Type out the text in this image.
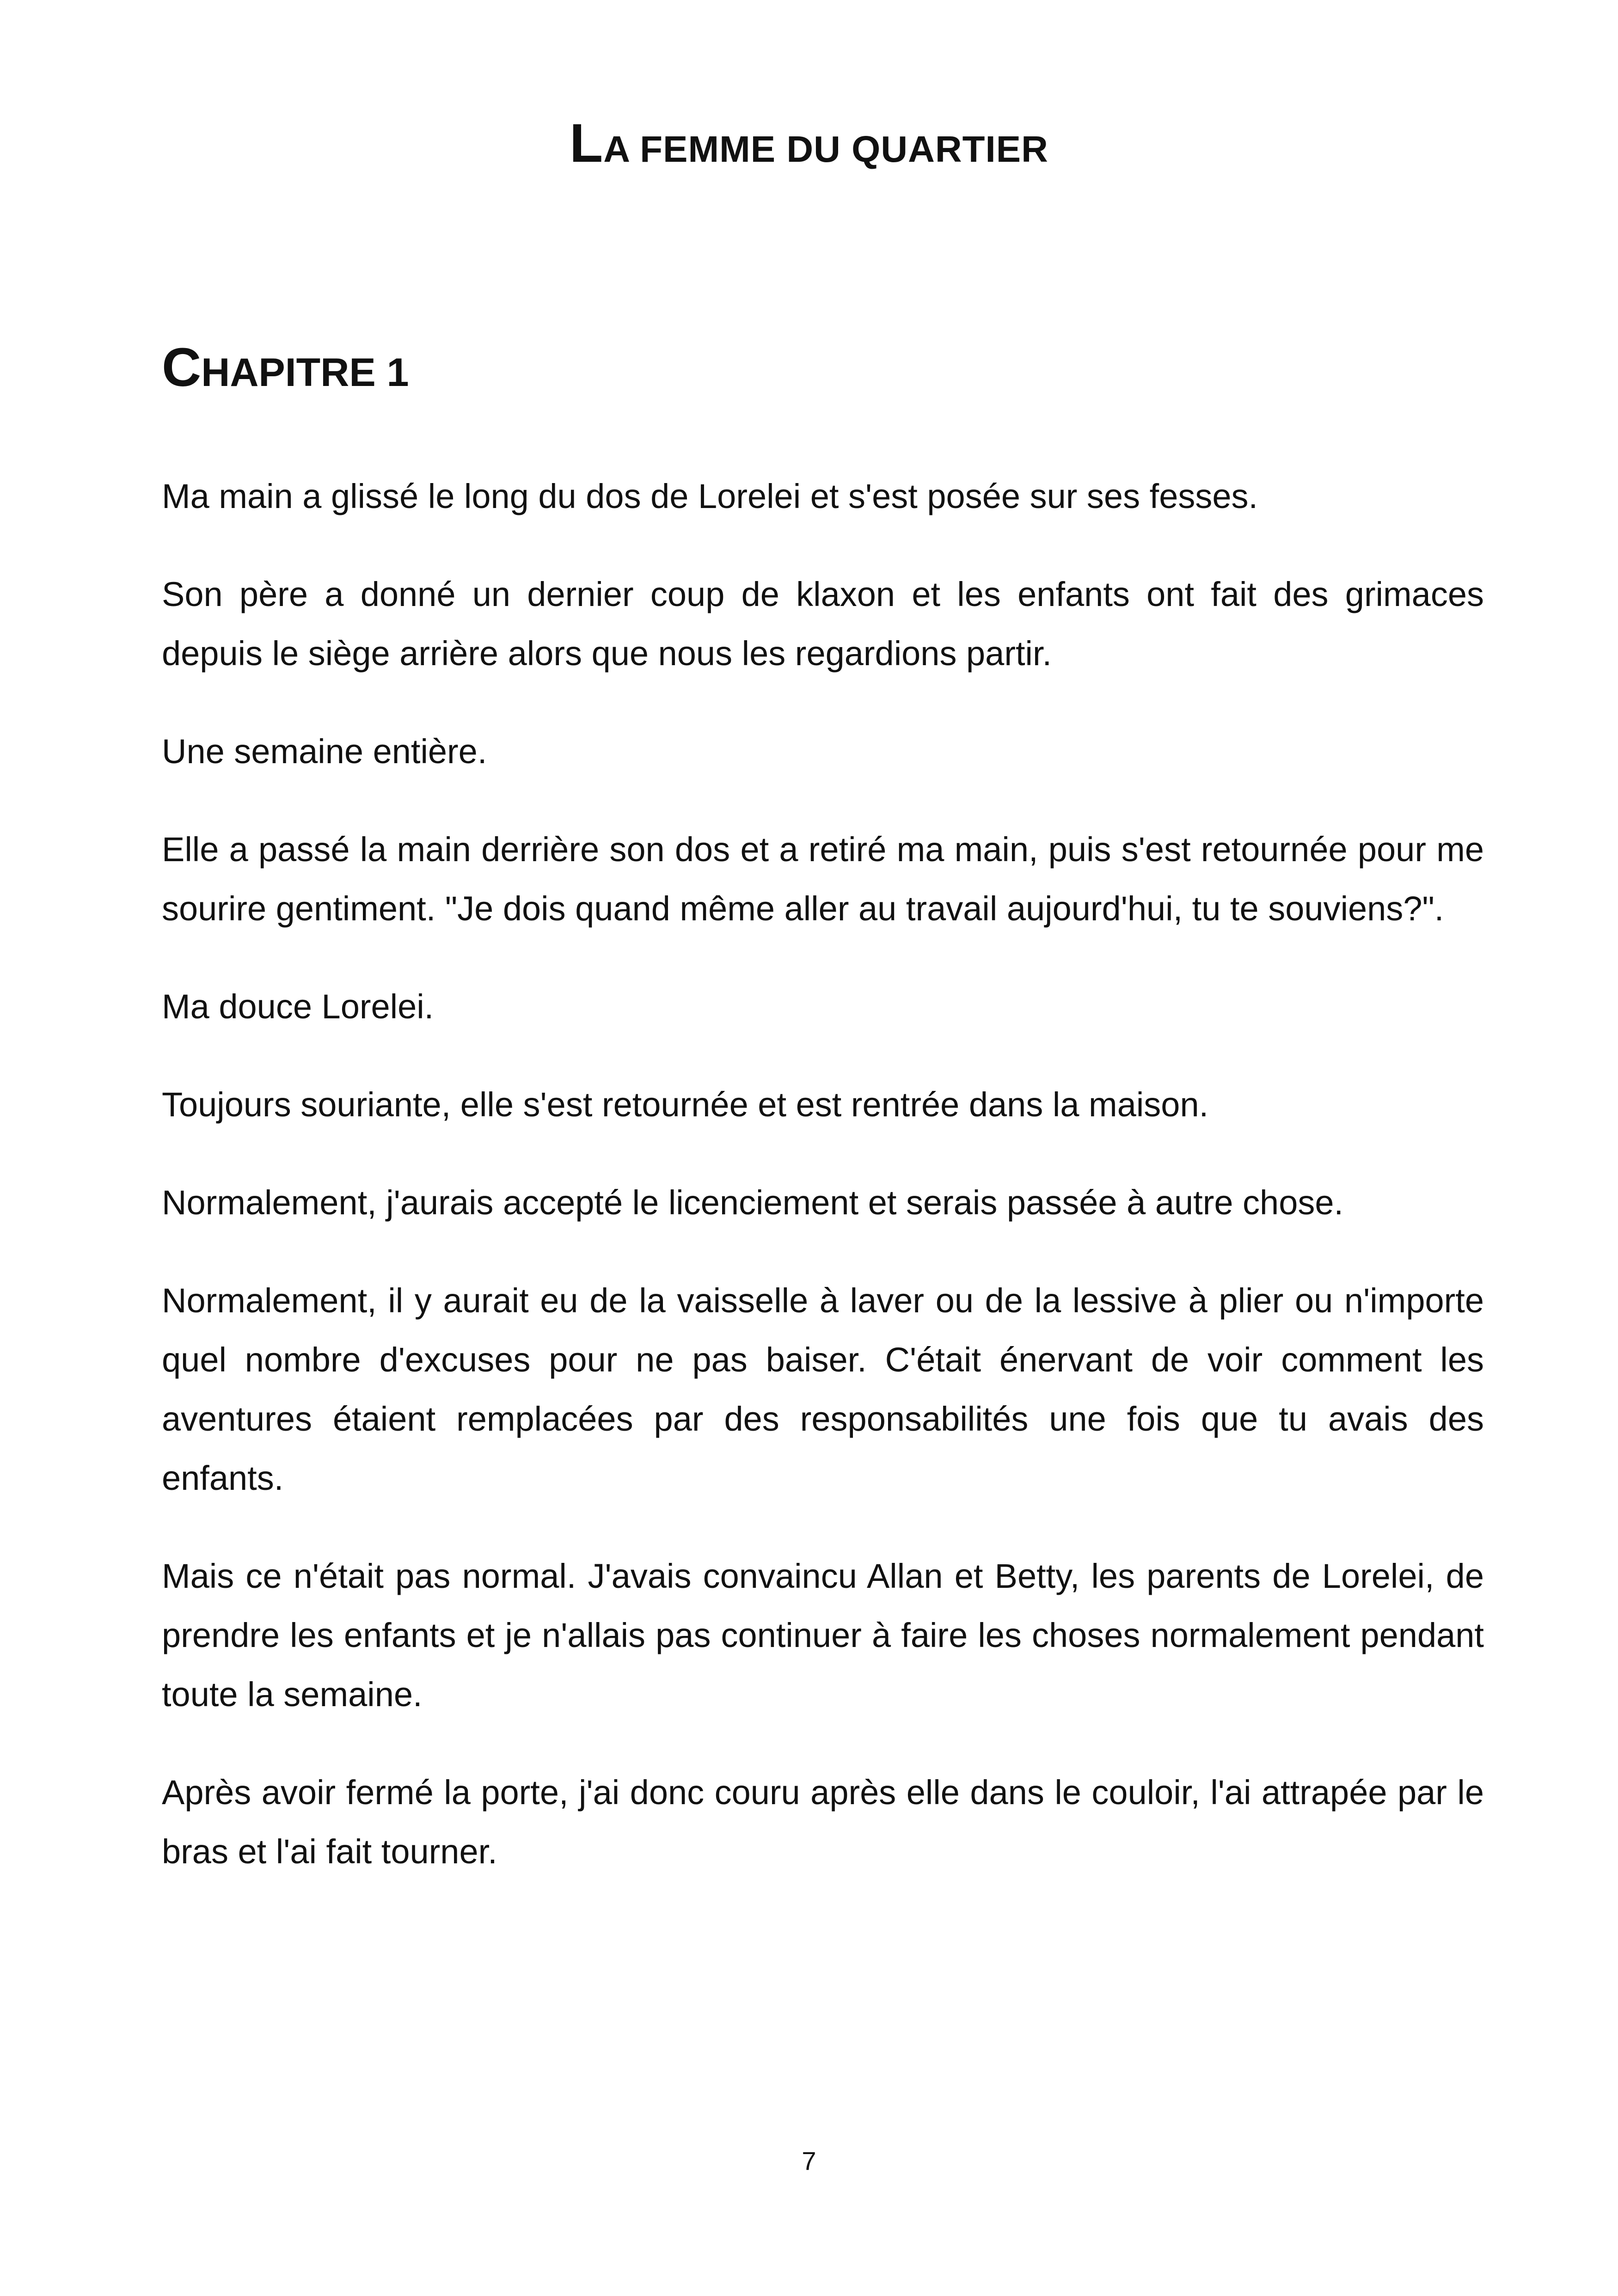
LA FEMME DU QUARTIER
CHAPITRE 1

Ma main a glissé le long du dos de Lorelei et s'est posée sur ses fesses.

Son père a donné un dernier coup de klaxon et les enfants ont fait des grimaces depuis le siège arrière alors que nous les regardions partir.

Une semaine entière.

Elle a passé la main derrière son dos et a retiré ma main, puis s'est retournée pour me sourire gentiment. "Je dois quand même aller au travail aujourd'hui, tu te souviens?".

Ma douce Lorelei.

Toujours souriante, elle s'est retournée et est rentrée dans la maison.

Normalement, j'aurais accepté le licenciement et serais passée à autre chose.

Normalement, il y aurait eu de la vaisselle à laver ou de la lessive à plier ou n'importe quel nombre d'excuses pour ne pas baiser. C'était énervant de voir comment les aventures étaient remplacées par des responsabilités une fois que tu avais des enfants.

Mais ce n'était pas normal. J'avais convaincu Allan et Betty, les parents de Lorelei, de prendre les enfants et je n'allais pas continuer à faire les choses normalement pendant toute la semaine.

Après avoir fermé la porte, j'ai donc couru après elle dans le couloir, l'ai attrapée par le bras et l'ai fait tourner.

7
